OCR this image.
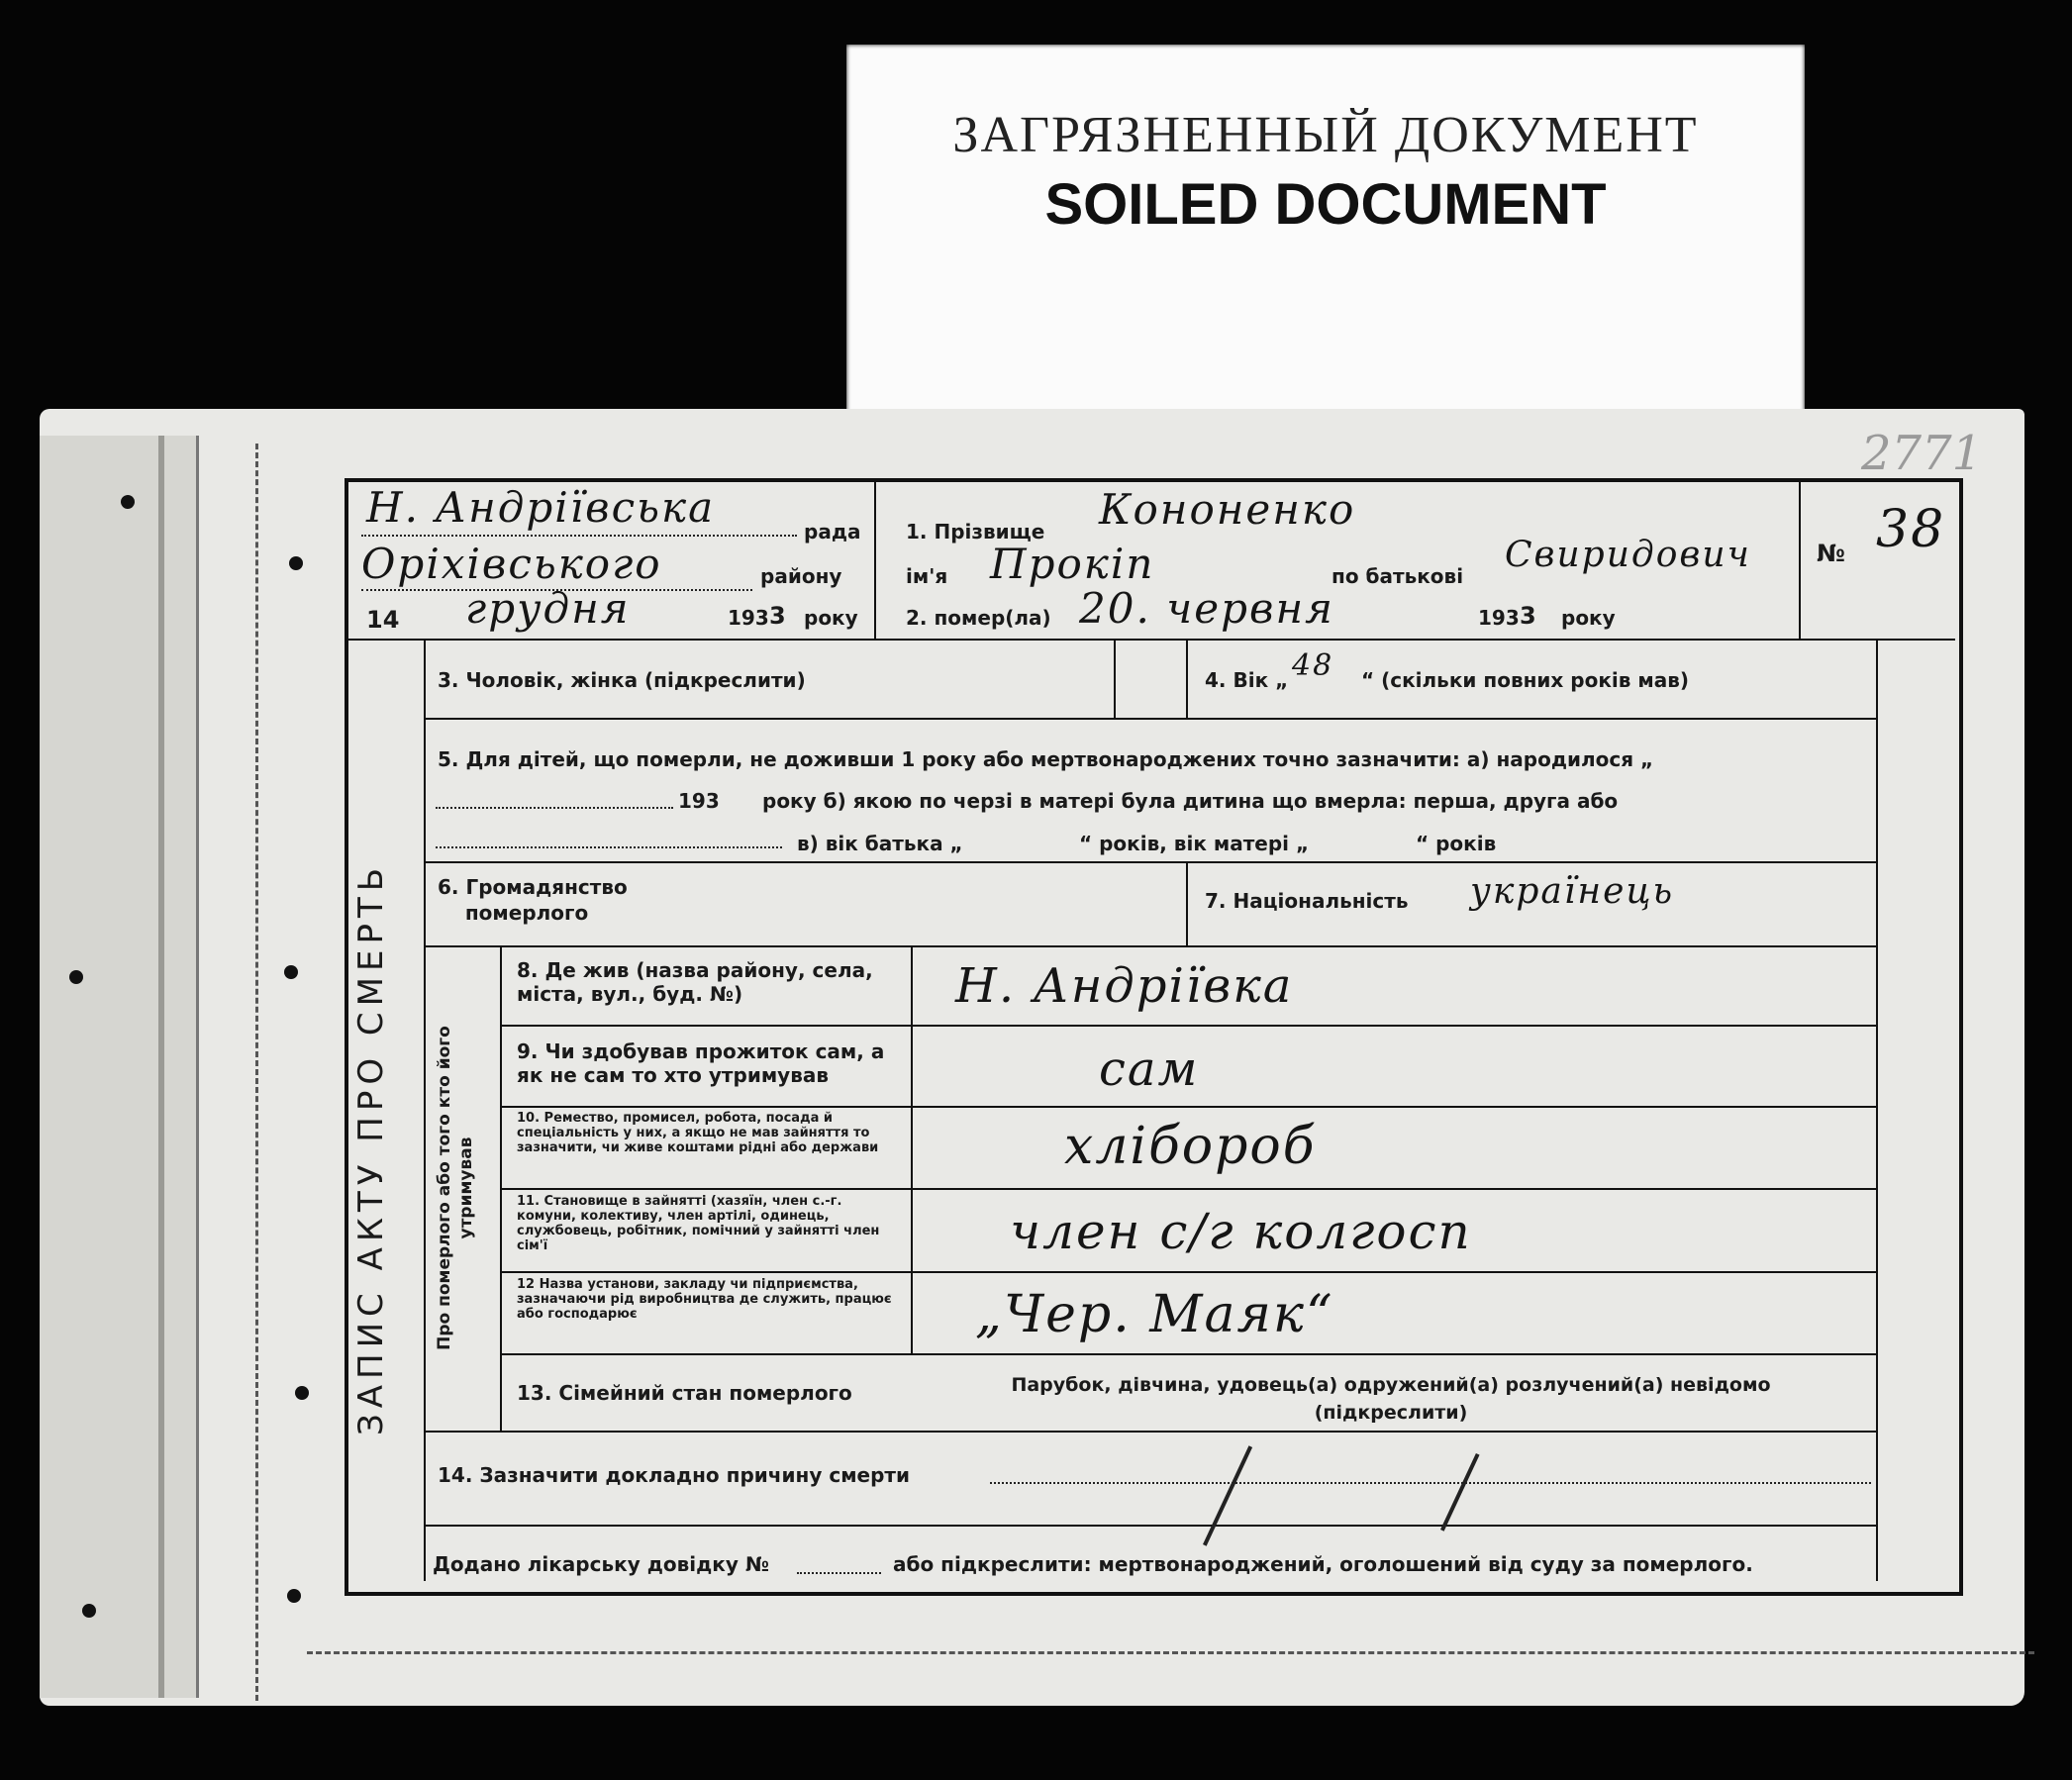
ЗАГРЯЗНЕННЫЙ ДОКУМЕНТ
SOILED DOCUMENT
2771
ЗАПИС АКТУ ПРО СМЕРТЬ	Про померлого або того кто його утримував
Н. Андріївська	рада
Оріхівського	району
14 грудня	193 3 року
1. Прізвище Кононенко
ім'я Прокіп	по батькові
Свиридович
2. помер(ла) 20. червня	193 3 року
№ 38
3. Чоловік, жінка (підкреслити)	4. Вік „ 48 “ (скільки повних років мав)
5. Для дітей, що померли, не доживши 1 року або мертвонароджених точно зазначити: а) народилося „
193 року б) якою по черзі в матері була дитина що вмерла: перша, друга або
в) вік батька „	“ років, вік матері „	“ років
6. Громадянство
померлого	7. Національність українець
8. Де жив (назва району, села, міста, вул., буд. №)	Н. Андріївка
9. Чи здобував прожиток сам, а як не сам то хто утримував	сам
10. Ремество, промисел, робота, посада й спеціальність у них, а якщо не мав зайняття то зазначити, чи живе коштами рідні або держави	хлібороб
11. Становище в зайнятті (хазяїн, член с.-г. комуни, колективу, член артілі, одинець, службовець, робітник, помічний у зайнятті член сім'ї	член с/г колгосп
12 Назва установи, закладу чи підприємства, зазначаючи рід виробництва де служить, працює або господарює	„Чер. Маяк“
13. Сімейний стан померлого	Парубок, дівчина, удовець(а) одружений(а) розлучений(а) невідомо (підкреслити)
14. Зазначити докладно причину смерти
Додано лікарську довідку №	або підкреслити: мертвонароджений, оголошений від суду за померлого.
